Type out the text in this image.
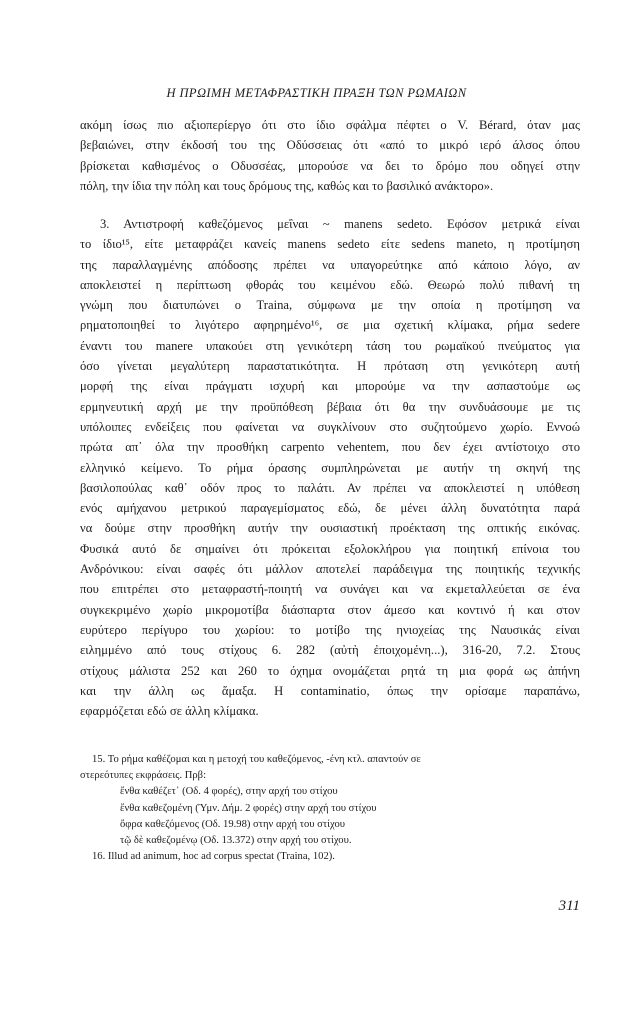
Η ΠΡΩΙΜΗ ΜΕΤΑΦΡΑΣΤΙΚΗ ΠΡΑΞΗ ΤΩΝ ΡΩΜΑΙΩΝ
ακόμη ίσως πιο αξιοπερίεργο ότι στο ίδιο σφάλμα πέφτει ο V. Bérard, όταν μας
βεβαιώνει, στην έκδοσή του της Οδύσσειας ότι «από το μικρό ιερό άλσος όπου
βρίσκεται καθισμένος ο Οδυσσέας, μπορούσε να δει το δρόμο που οδηγεί στην
πόλη, την ίδια την πόλη και τους δρόμους της, καθώς και το βασιλικό ανάκτορο».
3. Αντιστροφή καθεζόμενος μεΐναι ~ manens sedeto. Εφόσον μετρικά είναι
το ίδιο¹⁵, είτε μεταφράζει κανείς manens sedeto είτε sedens maneto, η προτίμηση
της παραλλαγμένης απόδοσης πρέπει να υπαγορεύτηκε από κάποιο λόγο, αν
αποκλειστεί η περίπτωση φθοράς του κειμένου εδώ. Θεωρώ πολύ πιθανή τη
γνώμη που διατυπώνει ο Traina, σύμφωνα με την οποία η προτίμηση να
ρηματοποιηθεί το λιγότερο αφηρημένο¹⁶, σε μια σχετική κλίμακα, ρήμα sedere
έναντι του manere υπακούει στη γενικότερη τάση του ρωμαϊκού πνεύματος για
όσο γίνεται μεγαλύτερη παραστατικότητα. Η πρόταση στη γενικότερη αυτή
μορφή της είναι πράγματι ισχυρή και μπορούμε να την ασπαστούμε ως
ερμηνευτική αρχή με την προϋπόθεση βέβαια ότι θα την συνδυάσουμε με τις
υπόλοιπες ενδείξεις που φαίνεται να συγκλίνουν στο συζητούμενο χωρίο. Εννοώ
πρώτα απ᾽ όλα την προσθήκη carpento vehentem, που δεν έχει αντίστοιχο στο
ελληνικό κείμενο. Το ρήμα όρασης συμπληρώνεται με αυτήν τη σκηνή της
βασιλοπούλας καθ᾽ οδόν προς το παλάτι. Αν πρέπει να αποκλειστεί η υπόθεση
ενός αμήχανου μετρικού παραγεμίσματος εδώ, δε μένει άλλη δυνατότητα παρά
να δούμε στην προσθήκη αυτήν την ουσιαστική προέκταση της οπτικής εικόνας.
Φυσικά αυτό δε σημαίνει ότι πρόκειται εξολοκλήρου για ποιητική επίνοια του
Ανδρόνικου: είναι σαφές ότι μάλλον αποτελεί παράδειγμα της ποιητικής τεχνικής
που επιτρέπει στο μεταφραστή-ποιητή να συνάγει και να εκμεταλλεύεται σε ένα
συγκεκριμένο χωρίο μικρομοτίβα διάσπαρτα στον άμεσο και κοντινό ή και στον
ευρύτερο περίγυρο του χωρίου: το μοτίβο της ηνιοχείας της Ναυσικάς είναι
ειλημμένο από τους στίχους 6. 282 (αὐτὴ ἐποιχομένη...), 316-20, 7.2. Στους
στίχους μάλιστα 252 και 260 το όχημα ονομάζεται ρητά τη μια φορά ως ἀπήνη
και την άλλη ως ἅμαξα. Η contaminatio, όπως την ορίσαμε παραπάνω,
εφαρμόζεται εδώ σε άλλη κλίμακα.
15. Το ρήμα καθέζομαι και η μετοχή του καθεζόμενος, -ένη κτλ. απαντούν σε
στερεότυπες εκφράσεις. Πρβ:
ἔνθα καθέζετ᾽ (Οδ. 4 φορές), στην αρχή του στίχου
ἔνθα καθεζομένη (Ύμν. Δήμ. 2 φορές) στην αρχή του στίχου
ὄφρα καθεζόμενος (Οδ. 19.98) στην αρχή του στίχου
τῷ δὲ καθεζομένῳ (Οδ. 13.372) στην αρχή του στίχου.
16. Illud ad animum, hoc ad corpus spectat (Traina, 102).
311
